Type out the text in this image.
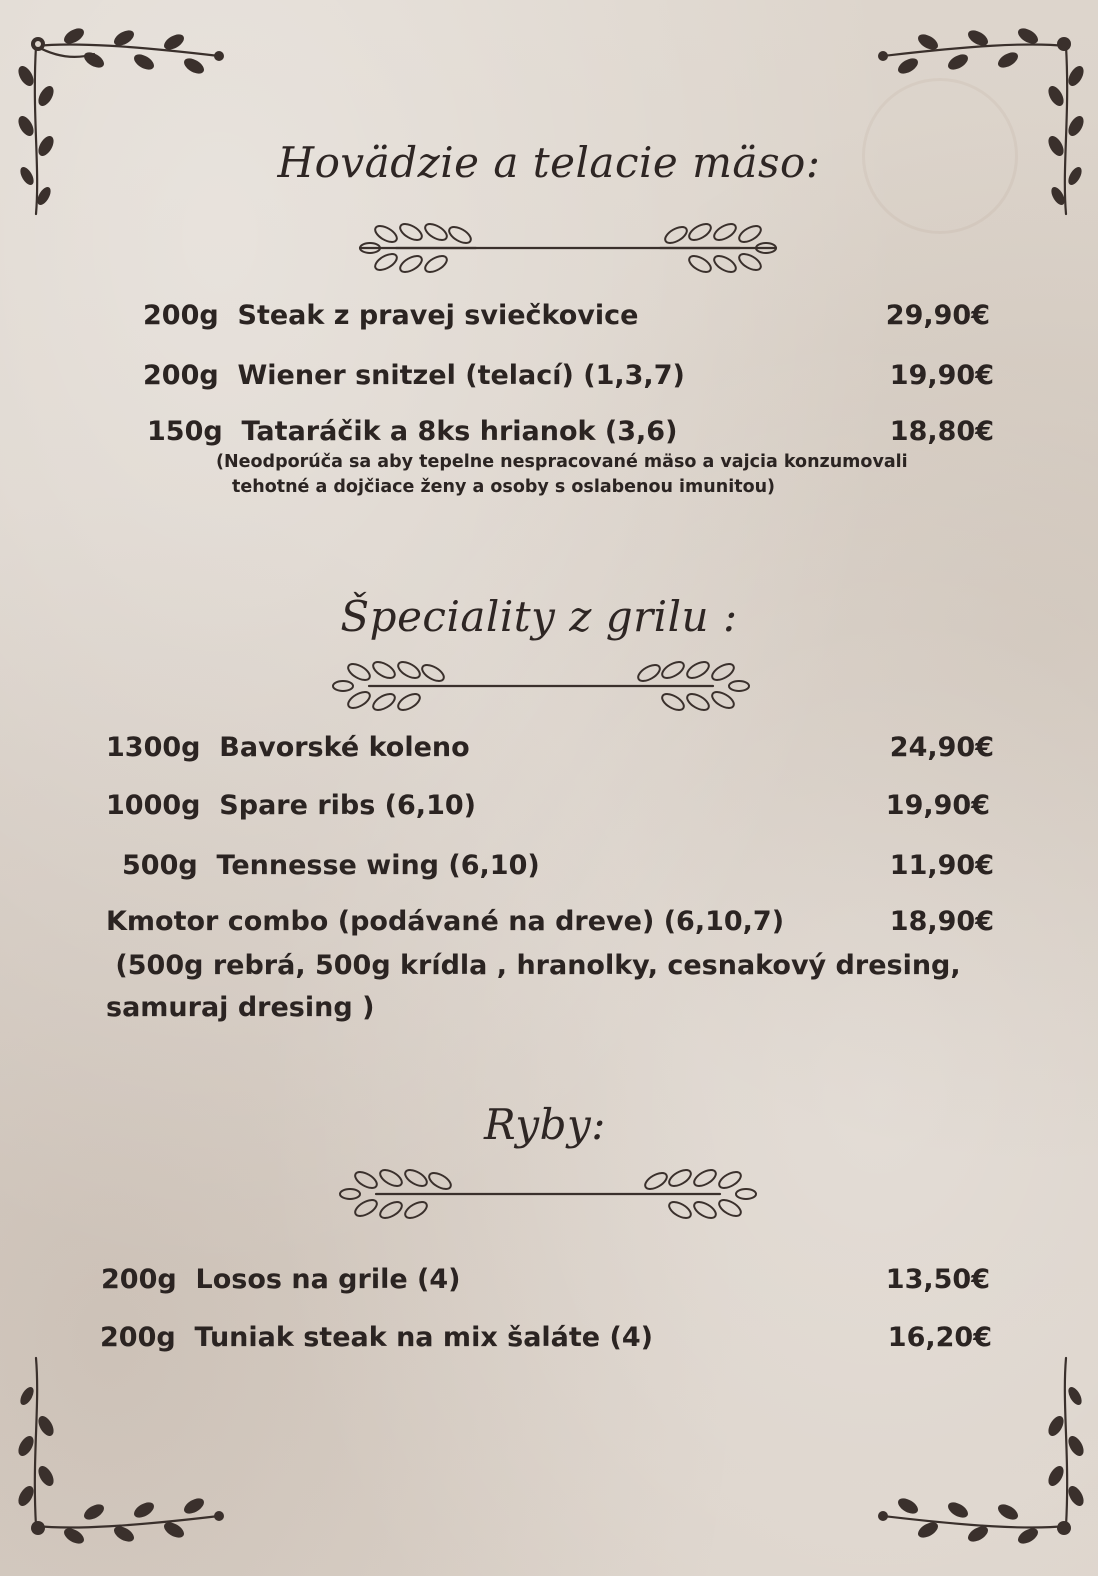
Hovädzie a telacie mäso:
200g Steak z pravej sviečkovice	29,90€
200g Wiener snitzel (telací) (1,3,7)	19,90€
150g Tataráčik a 8ks hrianok (3,6)	18,80€
(Neodporúča sa aby tepelne nespracované mäso a vajcia konzumovali
tehotné a dojčiace ženy a osoby s oslabenou imunitou)
Špeciality z grilu :
1300g Bavorské koleno	24,90€
1000g Spare ribs (6,10)	19,90€
500g Tennesse wing (6,10)	11,90€
Kmotor combo (podávané na dreve) (6,10,7)	18,90€
(500g rebrá, 500g krídla , hranolky, cesnakový dresing,
samuraj dresing )
Ryby:
200g Losos na grile (4)	13,50€
200g Tuniak steak na mix šaláte (4)	16,20€
